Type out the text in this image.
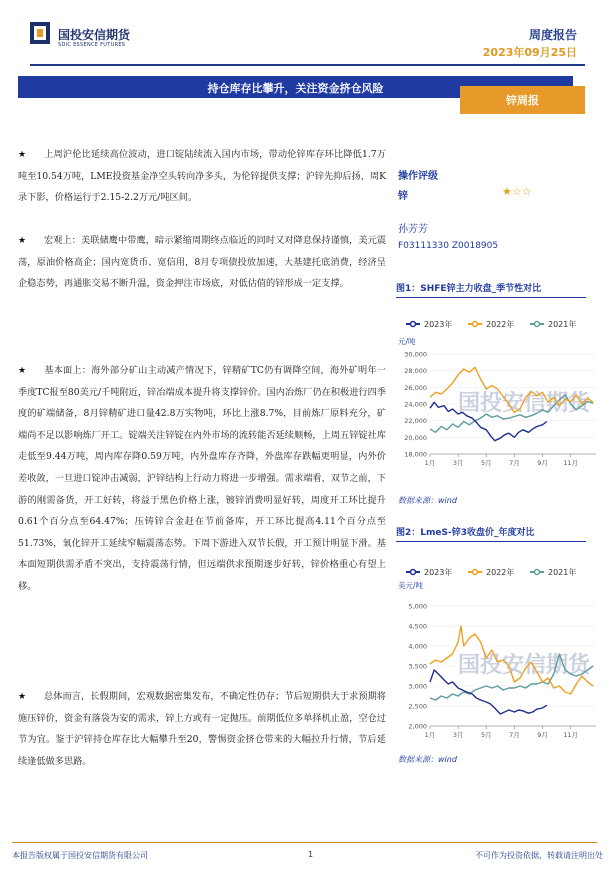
国投安信期货
SDIC ESSENCE FUTURES
周度报告
2023年09月25日
持仓库存比攀升，关注资金挤仓风险
锌周报

★ 上周沪伦比延续高位波动，进口锭陆续流入国内市场，带动伦锌库存环比降低1.7万吨至10.54万吨，LME投资基金净空头转向净多头，为伦锌提供支撑；沪锌先抑后扬，周K录下影，价格运行于2.15-2.2万元/吨区间。

★ 宏观上：美联储鹰中带鹰，暗示紧缩周期终点临近的同时又对降息保持谨慎，美元震荡，原油价格高企；国内宽货币、宽信用，8月专项债投放加速，大基建托底消费，经济呈企稳态势，再通胀交易不断升温，资金押注市场底，对低估值的锌形成一定支撑。

★ 基本面上：海外部分矿山主动减产情况下，锌精矿TC仍有调降空间，海外矿明年一季度TC报至80美元/千吨附近，锌冶端成本提升将支撑锌价。国内冶炼厂仍在积极进行四季度的矿端储备，8月锌精矿进口量42.8万实物吨，环比上涨8.7%，目前炼厂原料充分，矿端尚不足以影响炼厂开工。锭端关注锌锭在内外市场的流转能否延续顺畅，上周五锌锭社库走低至9.44万吨，周内库存降0.59万吨，内外盘库存齐降，外盘库存跌幅更明显，内外价差收敛，一旦进口锭冲击减弱，沪锌结构上行动力将进一步增强。需求端看，双节之前，下游的刚需备货，开工好转，将益于黑色价格上涨，镀锌消费明显好转，周度开工环比提升0.61个百分点至64.47%；压铸锌合金赶在节前备库，开工环比提高4.11个百分点至51.73%，氧化锌开工延续窄幅震荡态势。下周下游进入双节长假，开工预计明显下滑。基本面短期供需矛盾不突出，支持震荡行情，但远端供求预期逐步好转，锌价格重心有望上移。

★ 总体而言，长假期间，宏观数据密集发布，不确定性仍存；节后短期供大于求预期将施压锌价，资金有落袋为安的需求，锌上方或有一定抛压。前期低位多单择机止盈，空仓过节为宜。鉴于沪锌持仓库存比大幅攀升至20，警惕资金挤仓带来的大幅拉升行情，节后延续逢低做多思路。

操作评级
锌	★☆☆
孙芳芳
F03111330 Z0018905
图1：SHFE锌主力收盘_季节性对比
国投安信期货
2023年	2022年	2021年
元/吨
18,000
20,000
22,000
24,000
26,000
28,000
30,000
1月	3月	5月	7月	9月 11月
数据来源：wind
图2：LmeS-锌3收盘价_年度对比
国投安信期货
2023年	2022年	2021年
美元/吨
2,000
2,500
3,000
3,500
4,000
4,500
5,000
1月	3月	5月	7月	9月 11月
数据来源：wind
本报告版权属于国投安信期货有限公司	1	不可作为投资依据，转载请注明出处
